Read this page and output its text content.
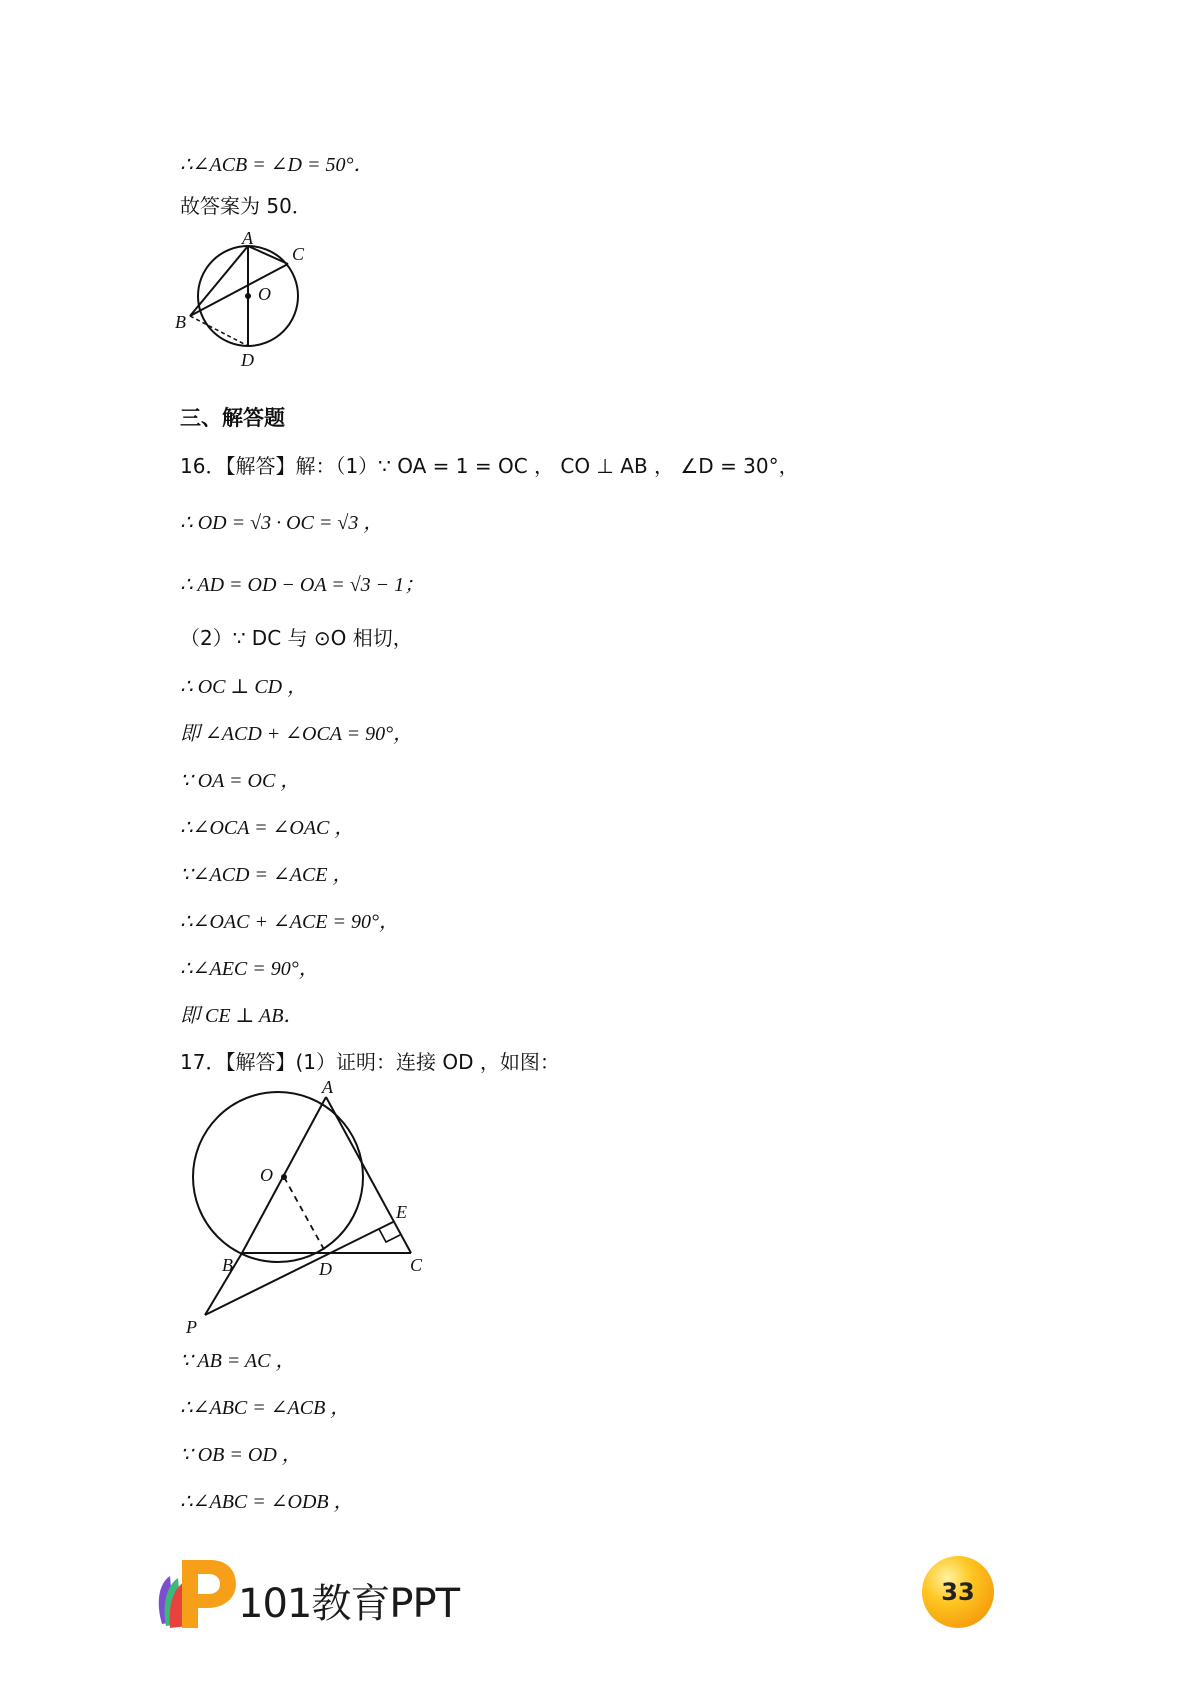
∴∠ACB = ∠D = 50°．
故答案为 50．
A
C
O
B
D
三、解答题
16．【解答】解：（1）∵ OA = 1 = OC ， CO ⊥ AB ， ∠D = 30°，
∴ OD = √3 · OC = √3 ，
∴ AD = OD − OA = √3 − 1；
（2）∵ DC 与 ⊙O 相切，
∴ OC ⊥ CD ，
即 ∠ACD + ∠OCA = 90°，
∵ OA = OC ，
∴∠OCA = ∠OAC ，
∵∠ACD = ∠ACE ，
∴∠OAC + ∠ACE = 90°，
∴∠AEC = 90°，
即 CE ⊥ AB．
17．【解答】(1）证明：连接 OD ，如图：
A
O
E
B	D	C
P
∵ AB = AC ，
∴∠ABC = ∠ACB ，
∵ OB = OD ，
∴∠ABC = ∠ODB ，
101教育PPT	33
